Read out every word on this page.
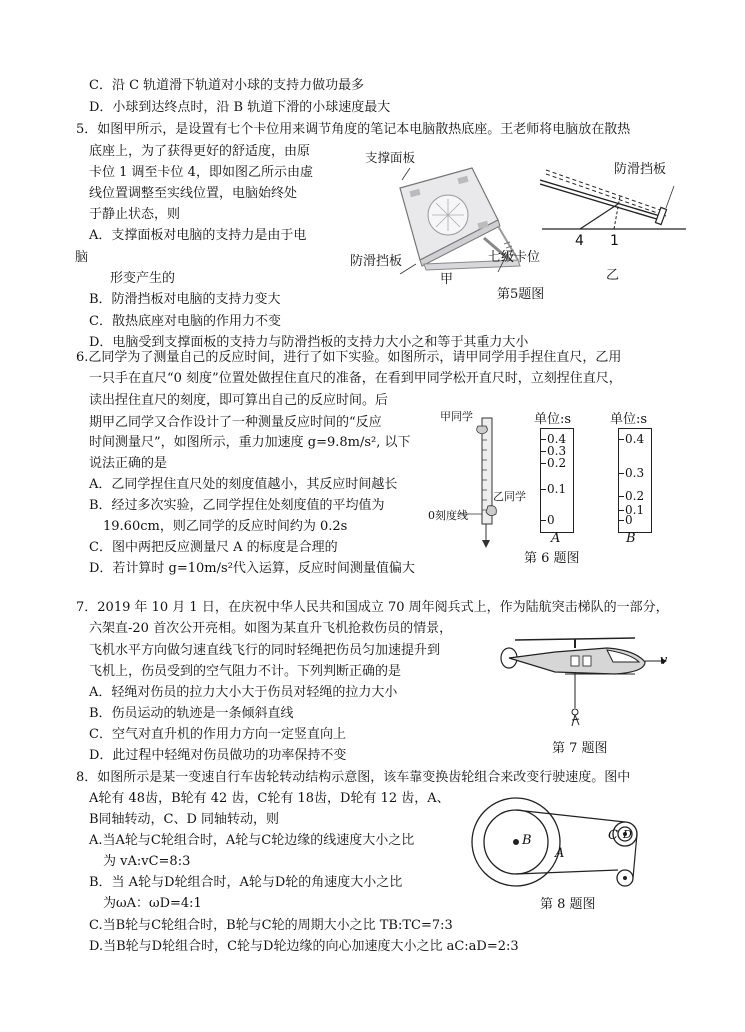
C．沿 C 轨道滑下轨道对小球的支持力做功最多
D．小球到达终点时，沿 B 轨道下滑的小球速度最大
5．如图甲所示，是设置有七个卡位用来调节角度的笔记本电脑散热底座。王老师将电脑放在散热
底座上，为了获得更好的舒适度，由原
卡位 1 调至卡位 4，即如图乙所示由虚
线位置调整至实线位置，电脑始终处
于静止状态，则
A．支撑面板对电脑的支持力是由于电
脑
形变产生的
B．防滑挡板对电脑的支持力变大
C．散热底座对电脑的作用力不变
D．电脑受到支撑面板的支持力与防滑挡板的支持力大小之和等于其重力大小
支撑面板
防滑挡板	七级卡位
甲
第5题图
防滑挡板
4 1
乙
6.乙同学为了测量自己的反应时间，进行了如下实验。如图所示，请甲同学用手捏住直尺，乙用
一只手在直尺“0 刻度”位置处做捏住直尺的准备，在看到甲同学松开直尺时，立刻捏住直尺，
读出捏住直尺的刻度，即可算出自己的反应时间。后
期甲乙同学又合作设计了一种测量反应时间的“反应
时间测量尺”，如图所示，重力加速度 g=9.8m/s², 以下
说法正确的是
A．乙同学捏住直尺处的刻度值越小，其反应时间越长
B．经过多次实验，乙同学捏住处刻度值的平均值为
19.60cm，则乙同学的反应时间约为 0.2s
C．图中两把反应测量尺 A 的标度是合理的
D．若计算时 g=10m/s²代入运算，反应时间测量值偏大
甲同学
乙同学
0刻度线
单位:s	单位:s
0.4
0.3
0.2
0.1
0
0.4
0.3
0.2
0.1
0
A	B
第 6 题图
7．2019 年 10 月 1 日，在庆祝中华人民共和国成立 70 周年阅兵式上，作为陆航突击梯队的一部分，
六架直-20 首次公开亮相。如图为某直升飞机抢救伤员的情景，
飞机水平方向做匀速直线飞行的同时轻绳把伤员匀加速提升到
飞机上，伤员受到的空气阻力不计。下列判断正确的是
A．轻绳对伤员的拉力大小大于伤员对轻绳的拉力大小
B．伤员运动的轨迹是一条倾斜直线
C．空气对直升机的作用力方向一定竖直向上
D．此过程中轻绳对伤员做功的功率保持不变
v
第 7 题图
8．如图所示是某一变速自行车齿轮转动结构示意图，该车靠变换齿轮组合来改变行驶速度。图中
A轮有 48齿，B轮有 42 齿，C轮有 18齿，D轮有 12 齿，A、
B同轴转动，C、D 同轴转动，则
A.当A轮与C轮组合时，A轮与C轮边缘的线速度大小之比
为 vA:vC=8:3
B．当 A轮与D轮组合时，A轮与D轮的角速度大小之比
为ωA：ωD=4:1
C.当B轮与C轮组合时，B轮与C轮的周期大小之比 TB:TC=7:3
D.当B轮与D轮组合时，C轮与D轮边缘的向心加速度大小之比 aC:aD=2:3
B
A
C D
第 8 题图
